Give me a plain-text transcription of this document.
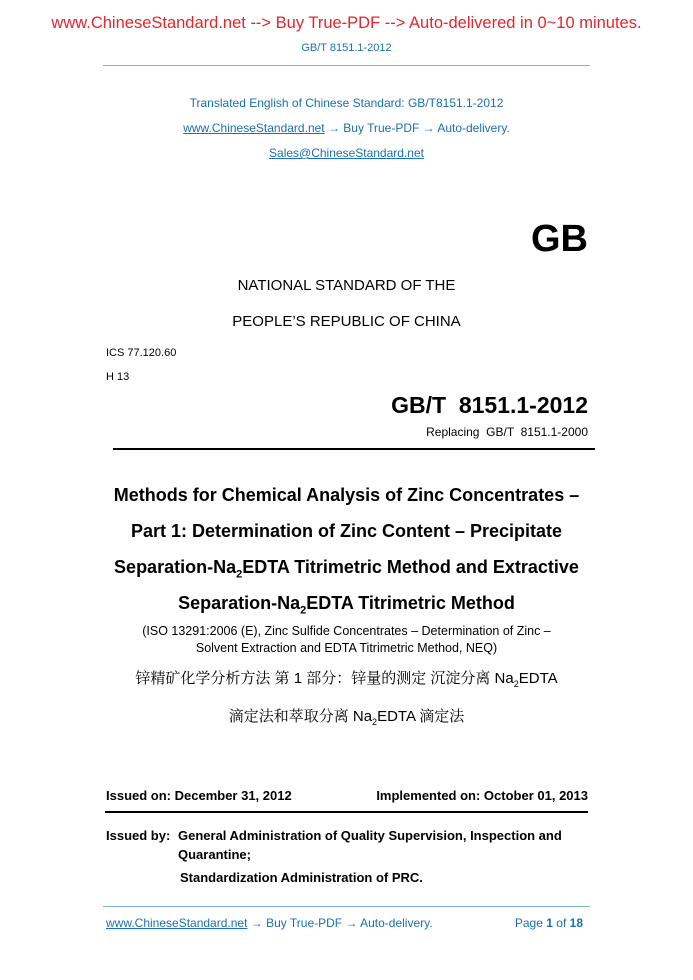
www.ChineseStandard.net --> Buy True-PDF --> Auto-delivered in 0~10 minutes.
GB/T 8151.1-2012
Translated English of Chinese Standard: GB/T8151.1-2012
www.ChineseStandard.net → Buy True-PDF → Auto-delivery.
Sales@ChineseStandard.net
GB
NATIONAL STANDARD OF THE
PEOPLE’S REPUBLIC OF CHINA
ICS 77.120.60
H 13
GB/T  8151.1-2012
Replacing  GB/T  8151.1-2000
Methods for Chemical Analysis of Zinc Concentrates –
Part 1: Determination of Zinc Content – Precipitate
Separation-$Na_2EDTA$ Titrimetric Method and Extractive
Separation-$Na_2EDTA$ Titrimetric Method
(ISO 13291:2006 (E), Zinc Sulfide Concentrates – Determination of Zinc –
Solvent Extraction and EDTA Titrimetric Method, NEQ)
锌精矿化学分析方法 第 1 部分：锌量的测定 沉淀分离 $Na_2EDTA$
滴定法和萃取分离 $Na_2EDTA$ 滴定法
Issued on: December 31, 2012	Implemented on: October 01, 2013
Issued by: General Administration of Quality Supervision, Inspection and
Quarantine;
Standardization Administration of PRC.
www.ChineseStandard.net → Buy True-PDF → Auto-delivery.	Page 1 of 18
